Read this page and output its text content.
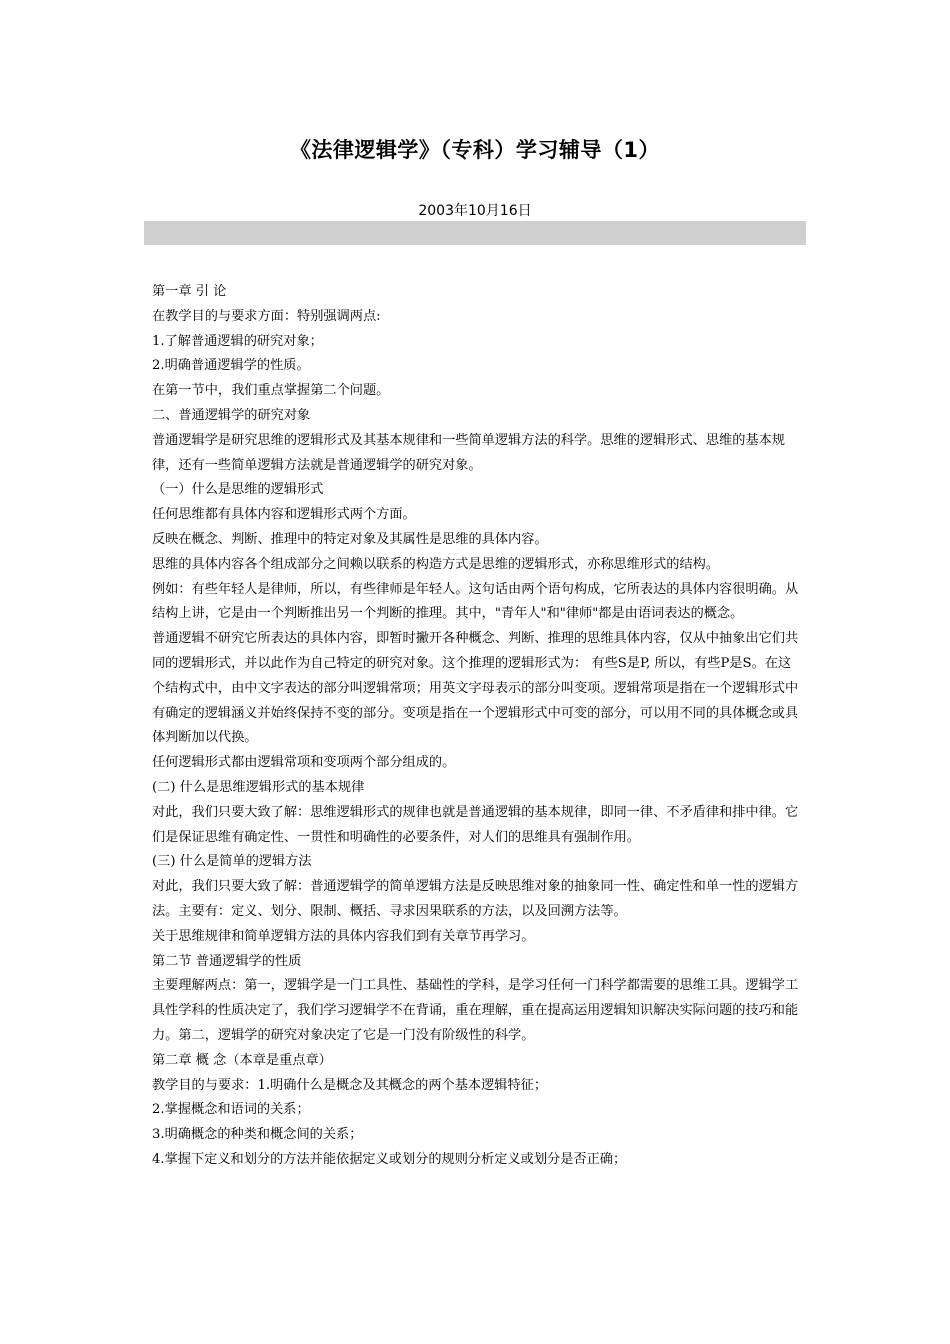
《法律逻辑学》（专科）学习辅导（1）
2003年10月16日

第一章 引 论

在教学目的与要求方面：特别强调两点:

1.了解普通逻辑的研究对象；

2.明确普通逻辑学的性质。

在第一节中，我们重点掌握第二个问题。

二、普通逻辑学的研究对象

普通逻辑学是研究思维的逻辑形式及其基本规律和一些简单逻辑方法的科学。思维的逻辑形式、思维的基本规律，还有一些简单逻辑方法就是普通逻辑学的研究对象。

（一）什么是思维的逻辑形式

任何思维都有具体内容和逻辑形式两个方面。

反映在概念、判断、推理中的特定对象及其属性是思维的具体内容。

思维的具体内容各个组成部分之间赖以联系的构造方式是思维的逻辑形式，亦称思维形式的结构。

例如：有些年轻人是律师，所以，有些律师是年轻人。这句话由两个语句构成，它所表达的具体内容很明确。从结构上讲，它是由一个判断推出另一个判断的推理。其中，"青年人"和"律师"都是由语词表达的概念。

普通逻辑不研究它所表达的具体内容，即暂时撇开各种概念、判断、推理的思维具体内容，仅从中抽象出它们共同的逻辑形式，并以此作为自己特定的研究对象。这个推理的逻辑形式为： 有些S是P, 所以，有些P是S。在这个结构式中，由中文字表达的部分叫逻辑常项；用英文字母表示的部分叫变项。逻辑常项是指在一个逻辑形式中有确定的逻辑涵义并始终保持不变的部分。变项是指在一个逻辑形式中可变的部分，可以用不同的具体概念或具体判断加以代换。

任何逻辑形式都由逻辑常项和变项两个部分组成的。

(二) 什么是思维逻辑形式的基本规律

对此，我们只要大致了解：思维逻辑形式的规律也就是普通逻辑的基本规律，即同一律、不矛盾律和排中律。它们是保证思维有确定性、一贯性和明确性的必要条件，对人们的思维具有强制作用。

(三) 什么是简单的逻辑方法

对此，我们只要大致了解：普通逻辑学的简单逻辑方法是反映思维对象的抽象同一性、确定性和单一性的逻辑方法。主要有：定义、划分、限制、概括、寻求因果联系的方法，以及回溯方法等。

关于思维规律和简单逻辑方法的具体内容我们到有关章节再学习。

第二节 普通逻辑学的性质

主要理解两点：第一，逻辑学是一门工具性、基础性的学科，是学习任何一门科学都需要的思维工具。逻辑学工具性学科的性质决定了，我们学习逻辑学不在背诵，重在理解，重在提高运用逻辑知识解决实际问题的技巧和能力。第二，逻辑学的研究对象决定了它是一门没有阶级性的科学。

第二章 概 念（本章是重点章）

教学目的与要求：1.明确什么是概念及其概念的两个基本逻辑特征；

2.掌握概念和语词的关系；

3.明确概念的种类和概念间的关系；

4.掌握下定义和划分的方法并能依据定义或划分的规则分析定义或划分是否正确；
